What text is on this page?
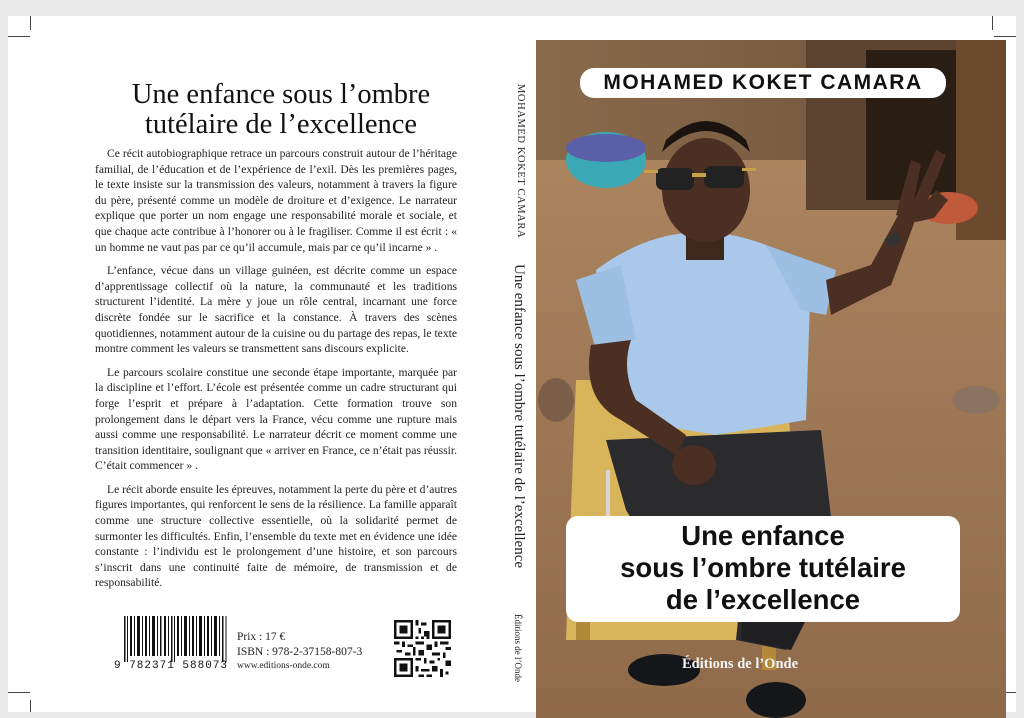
Une enfance sous l’ombre
tutélaire de l’excellence

Ce récit autobiographique retrace un parcours construit autour de l’héritage familial, de l’éducation et de l’expérience de l’exil. Dès les premières pages, le texte insiste sur la transmission des valeurs, notamment à travers la figure du père, présenté comme un modèle de droiture et d’exigence. Le narrateur explique que porter un nom engage une responsabilité morale et sociale, et que chaque acte contribue à l’honorer ou à le fragiliser. Comme il est écrit : « un homme ne vaut pas par ce qu’il accumule, mais par ce qu’il incarne » .

L’enfance, vécue dans un village guinéen, est décrite comme un espace d’apprentissage collectif où la nature, la communauté et les traditions structurent l’identité. La mère y joue un rôle central, incarnant une force discrète fondée sur le sacrifice et la constance. À travers des scènes quotidiennes, notamment autour de la cuisine ou du partage des repas, le texte montre comment les valeurs se transmettent sans discours explicite.

Le parcours scolaire constitue une seconde étape importante, marquée par la discipline et l’effort. L’école est présentée comme un cadre structurant qui forge l’esprit et prépare à l’adaptation. Cette formation trouve son prolongement dans le départ vers la France, vécu comme une rupture mais aussi comme une responsabilité. Le narrateur décrit ce moment comme une transition identitaire, soulignant que « arriver en France, ce n’était pas réussir. C’était commencer » .

Le récit aborde ensuite les épreuves, notamment la perte du père et d’autres figures importantes, qui renforcent le sens de la résilience. La famille apparaît comme une structure collective essentielle, où la solidarité permet de surmonter les difficultés. Enfin, l’ensemble du texte met en évidence une idée constante : l’individu est le prolongement d’une histoire, et son parcours s’inscrit dans une continuité faite de mémoire, de transmission et de responsabilité.

9 782371 588073
Prix : 17 €
ISBN : 978-2-37158-807-3
www.editions-onde.com
MOHAMED KOKET CAMARA
Une enfance sous l’ombre tutélaire de l’excellence
Éditions de l’Onde
MOHAMED KOKET CAMARA
Une enfance
sous l’ombre tutélaire
de l’excellence
Éditions de l’Onde
